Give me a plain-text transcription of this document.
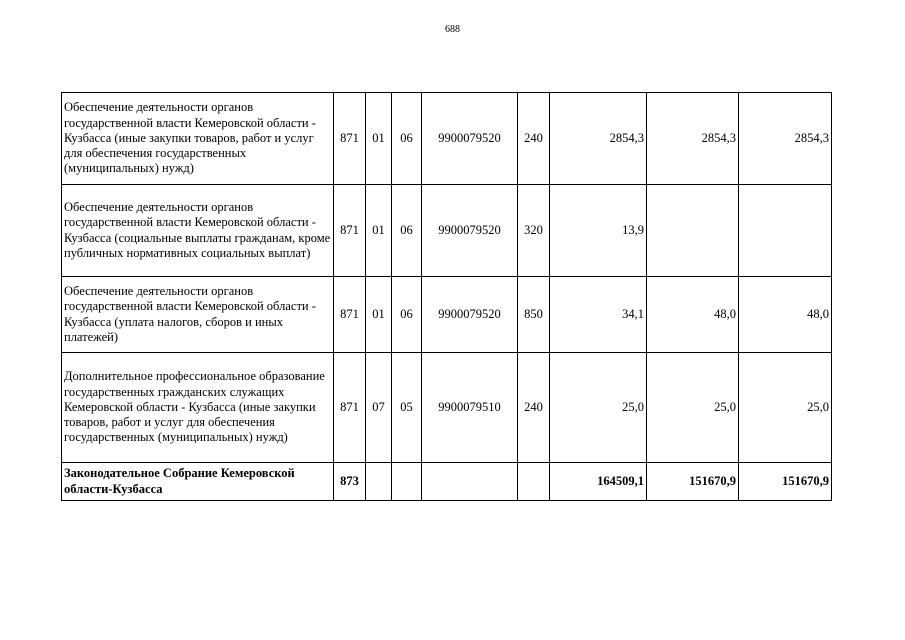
688
Обеспечение деятельности органов государственной власти Кемеровской области - Кузбасса (иные закупки товаров, работ и услуг для обеспечения государственных (муниципальных) нужд)	871	01	06	9900079520	240	2854,3	2854,3	2854,3
Обеспечение деятельности органов государственной власти Кемеровской области - Кузбасса (социальные выплаты гражданам, кроме публичных нормативных социальных выплат)	871	01	06	9900079520	320	13,9		
Обеспечение деятельности органов государственной власти Кемеровской области - Кузбасса (уплата налогов, сборов и иных платежей)	871	01	06	9900079520	850	34,1	48,0	48,0
Дополнительное профессиональное образование государственных гражданских служащих Кемеровской области - Кузбасса (иные закупки товаров, работ и услуг для обеспечения государственных (муниципальных) нужд)	871	07	05	9900079510	240	25,0	25,0	25,0
Законодательное Собрание Кемеровской области-Кузбасса	873					164509,1	151670,9	151670,9
